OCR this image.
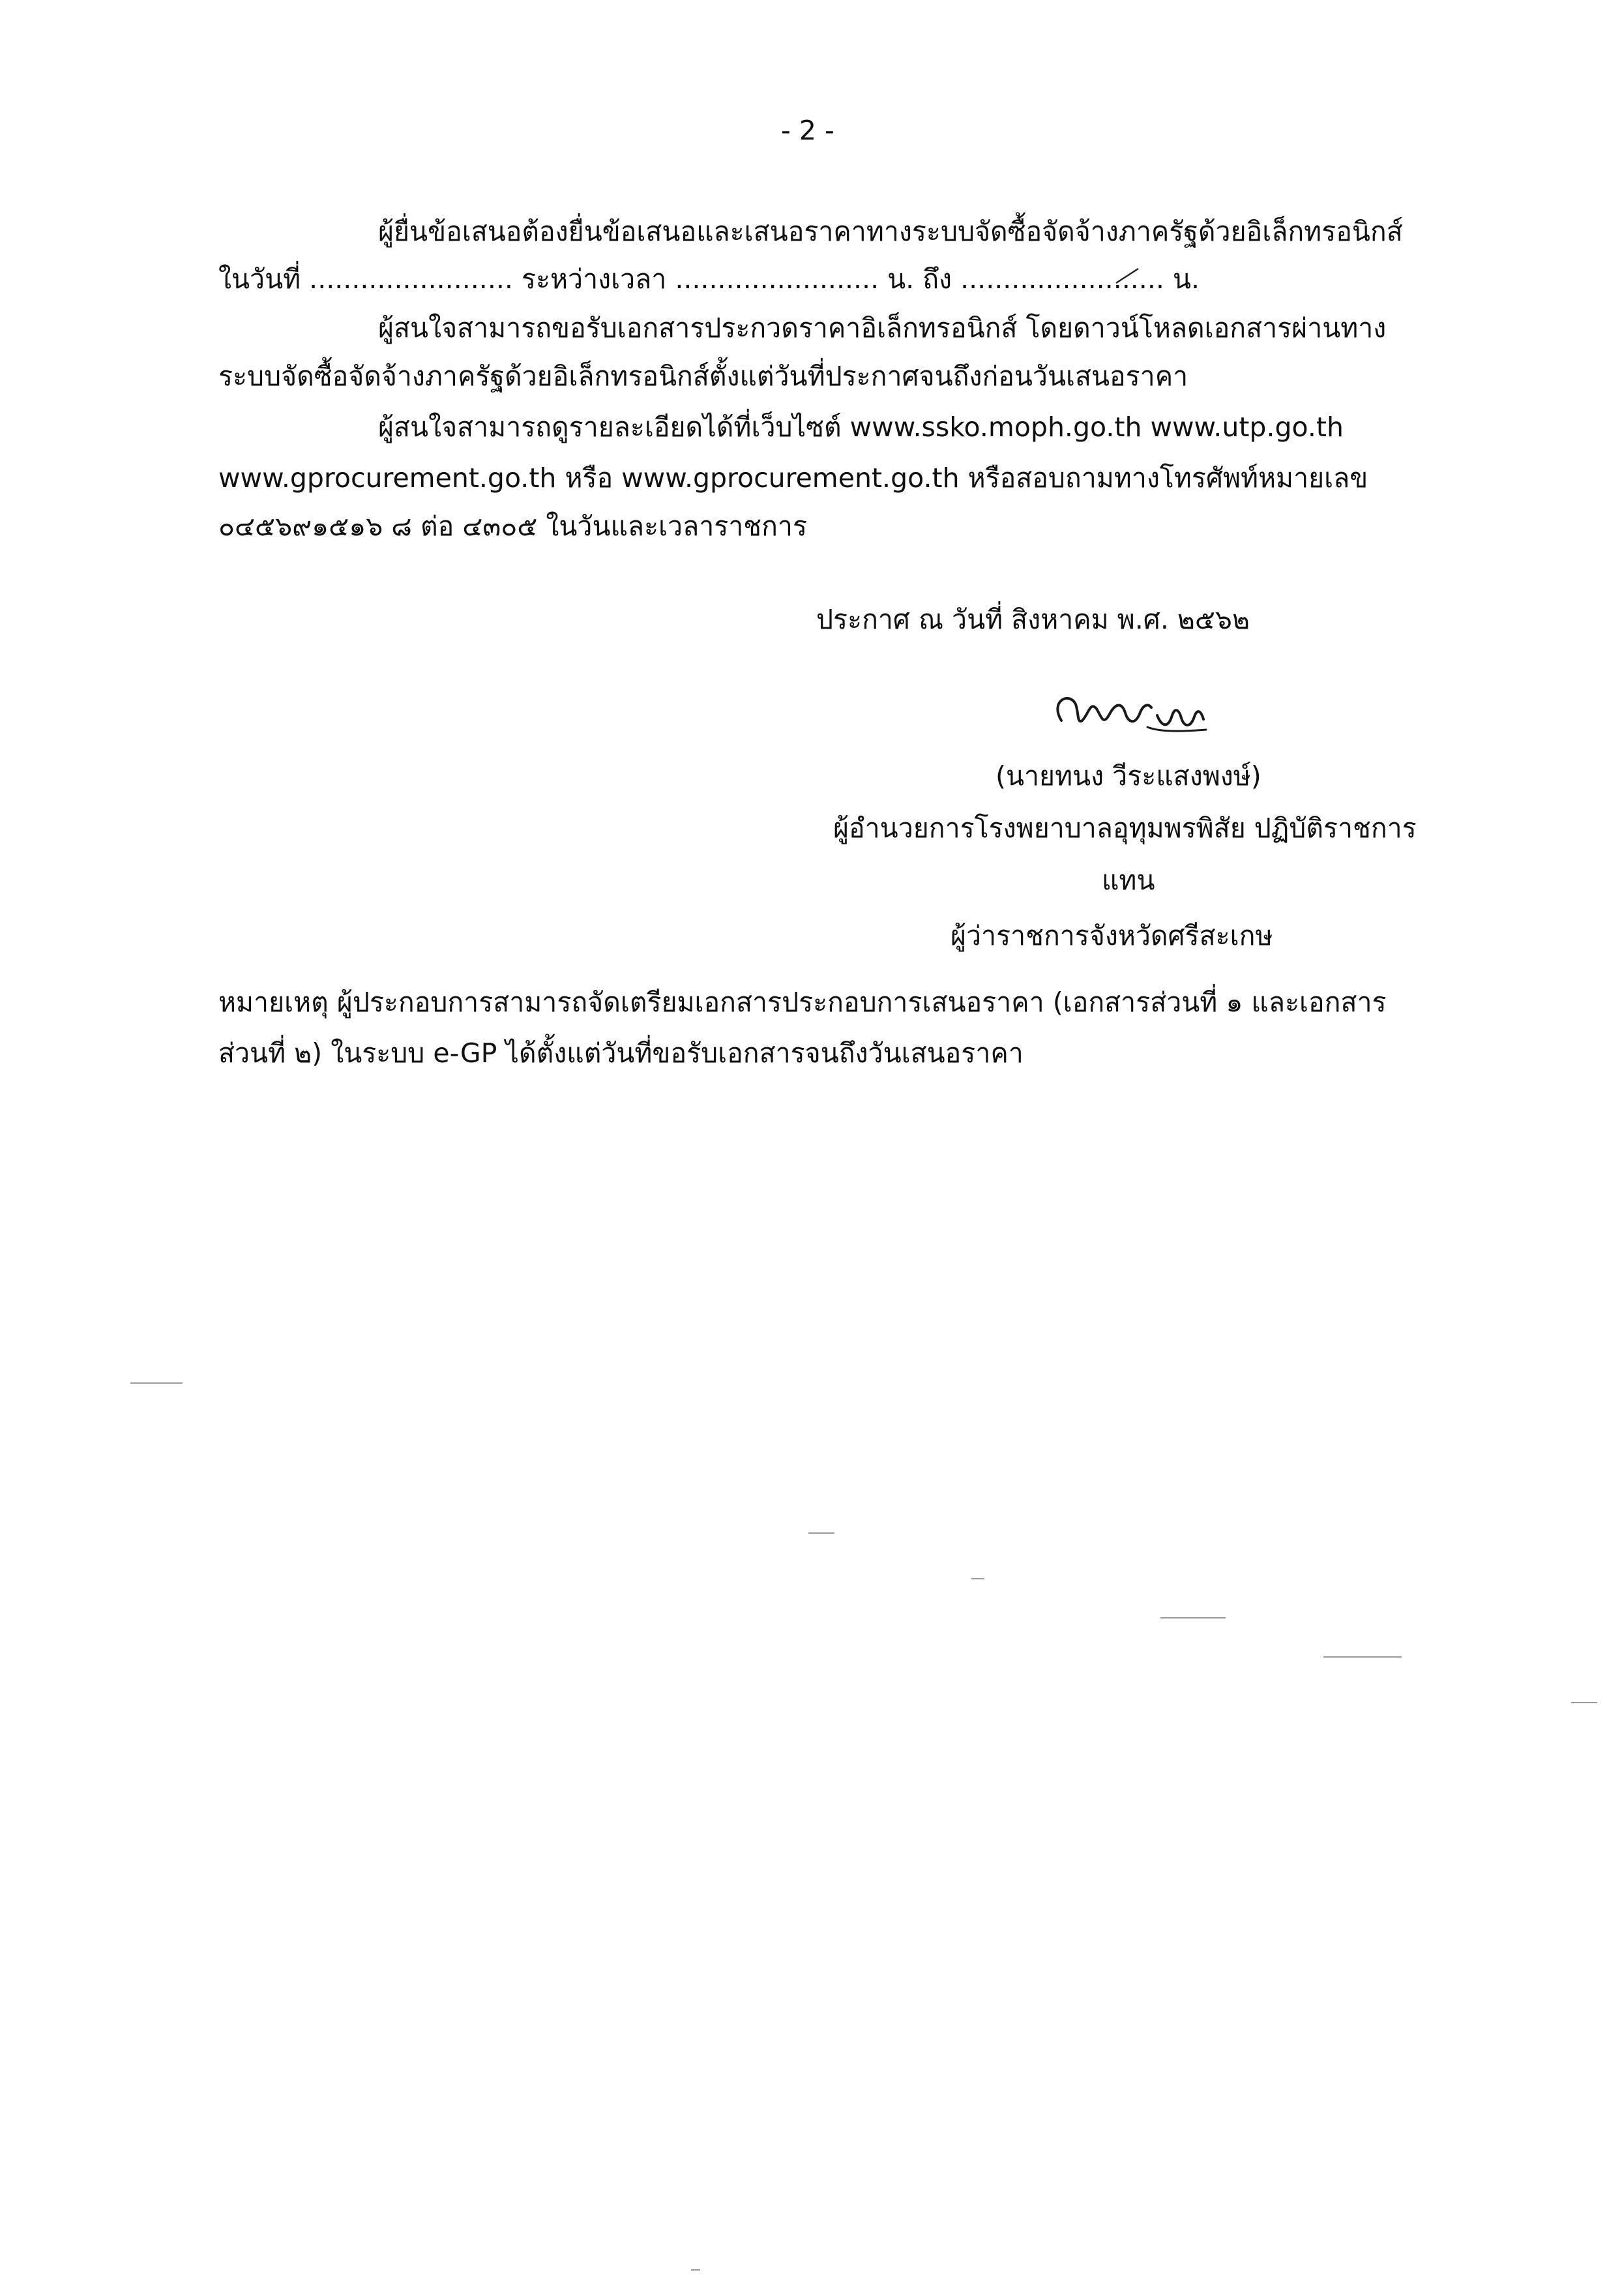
- 2 -
ผู้ยื่นข้อเสนอต้องยื่นข้อเสนอและเสนอราคาทางระบบจัดซื้อจัดจ้างภาครัฐด้วยอิเล็กทรอนิกส์
ในวันที่ ........................ ระหว่างเวลา ........................ น. ถึง ........................ น.
ผู้สนใจสามารถขอรับเอกสารประกวดราคาอิเล็กทรอนิกส์ โดยดาวน์โหลดเอกสารผ่านทาง
ระบบจัดซื้อจัดจ้างภาครัฐด้วยอิเล็กทรอนิกส์ตั้งแต่วันที่ประกาศจนถึงก่อนวันเสนอราคา
ผู้สนใจสามารถดูรายละเอียดได้ที่เว็บไซต์ www.ssko.moph.go.th www.utp.go.th
www.gprocurement.go.th หรือ www.gprocurement.go.th หรือสอบถามทางโทรศัพท์หมายเลข
๐๔๕๖๙๑๕๑๖ ๘ ต่อ ๔๓๐๕ ในวันและเวลาราชการ
ประกาศ ณ วันที่ สิงหาคม พ.ศ. ๒๕๖๒
(นายทนง วีระแสงพงษ์)
ผู้อำนวยการโรงพยาบาลอุทุมพรพิสัย ปฏิบัติราชการ
แทน
ผู้ว่าราชการจังหวัดศรีสะเกษ
หมายเหตุ ผู้ประกอบการสามารถจัดเตรียมเอกสารประกอบการเสนอราคา (เอกสารส่วนที่ ๑ และเอกสาร
ส่วนที่ ๒) ในระบบ e-GP ได้ตั้งแต่วันที่ขอรับเอกสารจนถึงวันเสนอราคา
